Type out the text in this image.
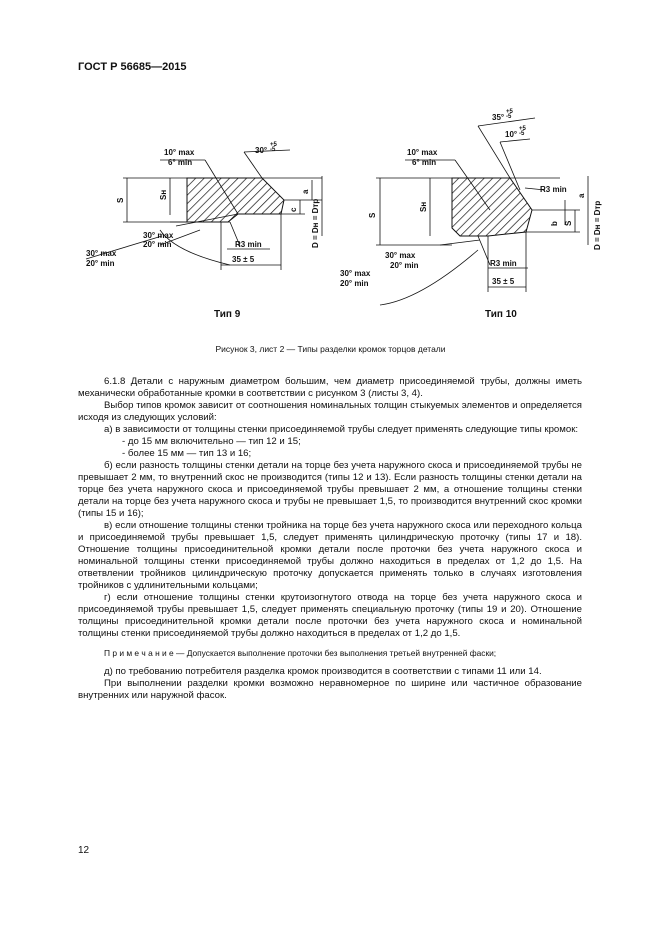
ГОСТ Р 56685—2015
10° max
6° min
30° -5
+5
S
Sн
30° max
20° min
30° max
20° min
R3 min
35 ± 5
a
c D = Dн = Dтр
35° -5
+5
10° -5
+5
10° max
6° min
R3 min
S
Sн
b S
a
30° max
20° min
30° max
20° min
R3 min
35 ± 5
D = Dн = Dтр
Тип 9	Тип 10
Рисунок 3, лист 2 — Типы разделки кромок торцов детали

6.1.8 Детали с наружным диаметром большим, чем диаметр присоединяемой трубы, должны иметь механически обработанные кромки в соответствии с рисунком 3 (листы 3, 4).

Выбор типов кромок зависит от соотношения номинальных толщин стыкуемых элементов и определяется исходя из следующих условий:

а) в зависимости от толщины стенки присоединяемой трубы следует применять следующие типы кромок:

- до 15 мм включительно — тип 12 и 15;

- более 15 мм — тип 13 и 16;

б) если разность толщины стенки детали на торце без учета наружного скоса и присоединяемой трубы не превышает 2 мм, то внутренний скос не производится (типы 12 и 13). Если разность толщины стенки детали на торце без учета наружного скоса и присоединяемой трубы превышает 2 мм, а отношение толщины стенки детали на торце без учета наружного скоса и трубы не превышает 1,5, то производится внутренний скос кромки (типы 15 и 16);

в) если отношение толщины стенки тройника на торце без учета наружного скоса или переходного кольца и присоединяемой трубы превышает 1,5, следует применять цилиндрическую проточку (типы 17 и 18). Отношение толщины присоединительной кромки детали после проточки без учета наружного скоса и номинальной толщины стенки присоединяемой трубы должно находиться в пределах от 1,2 до 1,5. На ответвлении тройников цилиндрическую проточку допускается применять только в случаях изготовления тройников с удлинительными кольцами;

г) если отношение толщины стенки крутоизогнутого отвода на торце без учета наружного скоса и присоединяемой трубы превышает 1,5, следует применять специальную проточку (типы 19 и 20). Отношение толщины присоединительной кромки детали после проточки без учета наружного скоса и номинальной толщины стенки присоединяемой трубы должно находиться в пределах от 1,2 до 1,5.

П р и м е ч а н и е — Допускается выполнение проточки без выполнения третьей внутренней фаски;

д) по требованию потребителя разделка кромок производится в соответствии с типами 11 или 14.

При выполнении разделки кромки возможно неравномерное по ширине или частичное образование внутренних или наружной фасок.

12
